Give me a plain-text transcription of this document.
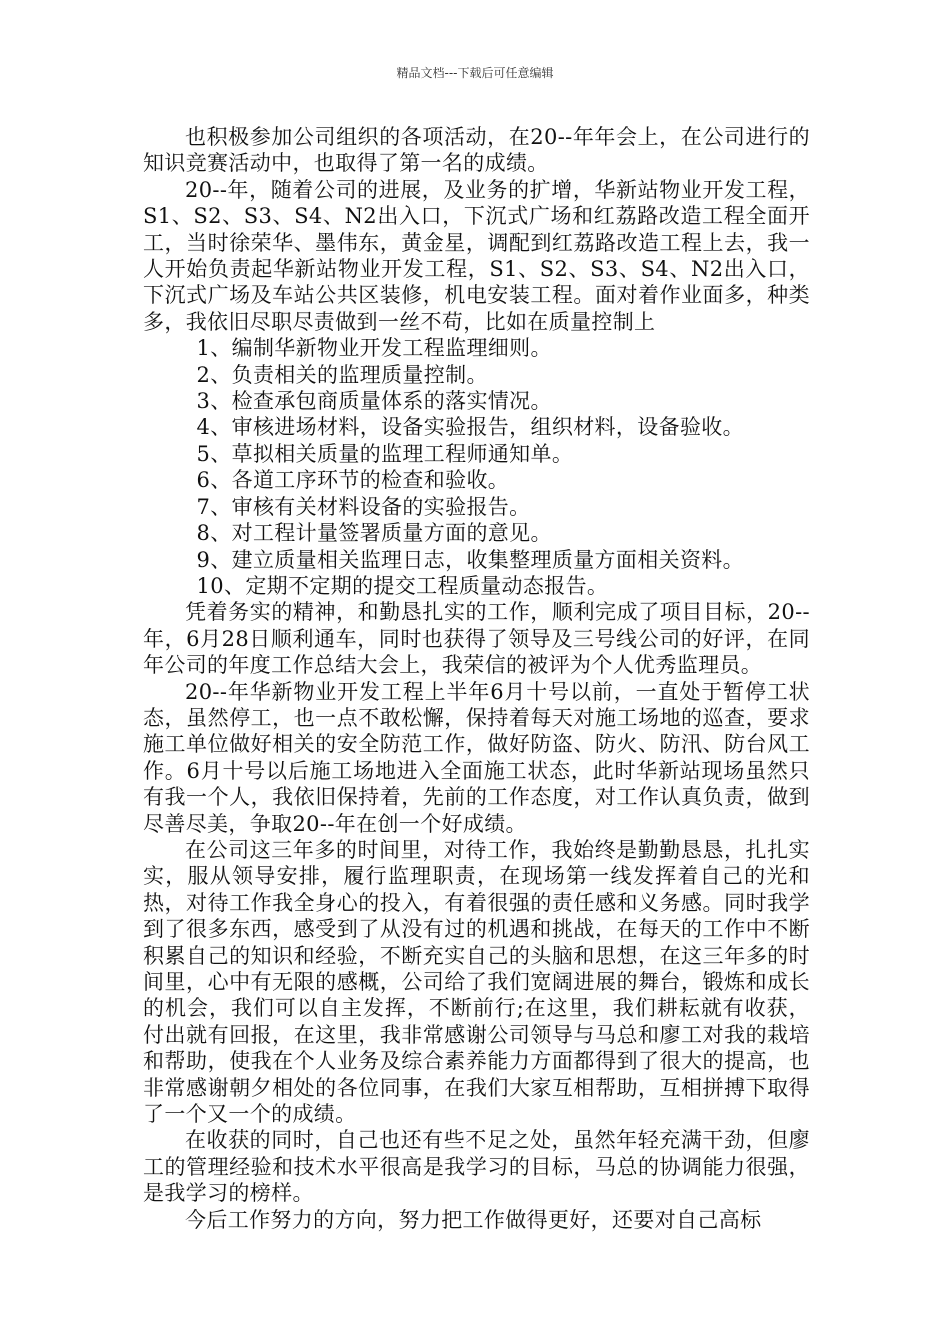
精品文档---下载后可任意编辑

也积极参加公司组织的各项活动，在20--年年会上，在公司进行的知识竞赛活动中，也取得了第一名的成绩。

20--年，随着公司的进展，及业务的扩增，华新站物业开发工程，S1、S2、S3、S4、N2出入口，下沉式广场和红荔路改造工程全面开工，当时徐荣华、墨伟东，黄金星，调配到红荔路改造工程上去，我一人开始负责起华新站物业开发工程，S1、S2、S3、S4、N2出入口，下沉式广场及车站公共区装修，机电安装工程。面对着作业面多，种类多，我依旧尽职尽责做到一丝不苟，比如在质量控制上

1、编制华新物业开发工程监理细则。

2、负责相关的监理质量控制。

3、检查承包商质量体系的落实情况。

4、审核进场材料，设备实验报告，组织材料，设备验收。

5、草拟相关质量的监理工程师通知单。

6、各道工序环节的检查和验收。

7、审核有关材料设备的实验报告。

8、对工程计量签署质量方面的意见。

9、建立质量相关监理日志，收集整理质量方面相关资料。

10、定期不定期的提交工程质量动态报告。

凭着务实的精神，和勤恳扎实的工作，顺利完成了项目目标，20--年，6月28日顺利通车，同时也获得了领导及三号线公司的好评，在同年公司的年度工作总结大会上，我荣信的被评为个人优秀监理员。

20--年华新物业开发工程上半年6月十号以前，一直处于暂停工状态，虽然停工，也一点不敢松懈，保持着每天对施工场地的巡查，要求施工单位做好相关的安全防范工作，做好防盗、防火、防汛、防台风工作。6月十号以后施工场地进入全面施工状态，此时华新站现场虽然只有我一个人，我依旧保持着，先前的工作态度，对工作认真负责，做到尽善尽美，争取20--年在创一个好成绩。

在公司这三年多的时间里，对待工作，我始终是勤勤恳恳，扎扎实实，服从领导安排，履行监理职责，在现场第一线发挥着自己的光和热，对待工作我全身心的投入，有着很强的责任感和义务感。同时我学到了很多东西，感受到了从没有过的机遇和挑战，在每天的工作中不断积累自己的知识和经验，不断充实自己的头脑和思想，在这三年多的时间里，心中有无限的感概，公司给了我们宽阔进展的舞台，锻炼和成长的机会，我们可以自主发挥，不断前行;在这里，我们耕耘就有收获，付出就有回报，在这里，我非常感谢公司领导与马总和廖工对我的栽培和帮助，使我在个人业务及综合素养能力方面都得到了很大的提高，也非常感谢朝夕相处的各位同事，在我们大家互相帮助，互相拼搏下取得了一个又一个的成绩。

在收获的同时，自己也还有些不足之处，虽然年轻充满干劲，但廖工的管理经验和技术水平很高是我学习的目标，马总的协调能力很强，是我学习的榜样。

今后工作努力的方向，努力把工作做得更好，还要对自己高标
